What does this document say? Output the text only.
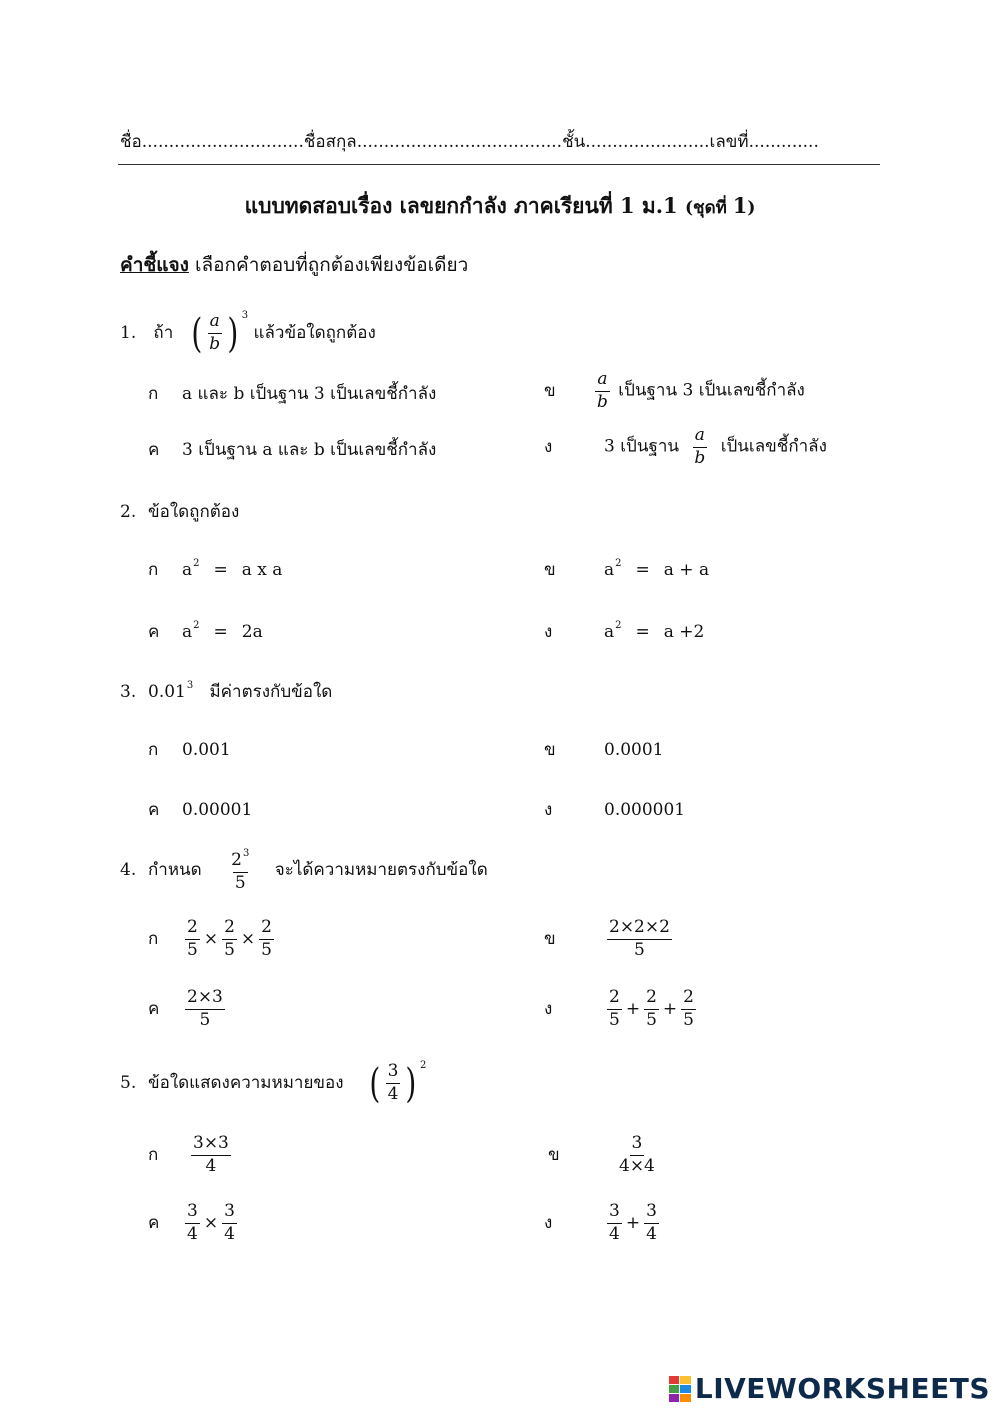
ชื่อ..............................ชื่อสกุล......................................ชั้น.......................เลขที่.............
แบบทดสอบเรื่อง เลขยกกำลัง ภาคเรียนที่ 1 ม.1 (ชุดที่ 1)
คำชี้แจง เลือกคำตอบที่ถูกต้องเพียงข้อเดียว
1. ถ้า ( $\frac{a}{b}$ ) $^3$ แล้วข้อใดถูกต้อง
ก a และ b เป็นฐาน 3 เป็นเลขชี้กำลัง	ข $\frac{a}{b}$ เป็นฐาน 3 เป็นเลขชี้กำลัง
ค 3 เป็นฐาน a และ b เป็นเลขชี้กำลัง	ง	3 เป็นฐาน $\frac{a}{b}$ เป็นเลขชี้กำลัง
2. ข้อใดถูกต้อง
ก $a^2 = a$ x a	ข	$a^2 = a + a$
ค $a^2 = 2a$	ง	$a^2 = a +2$
3. 0.01$^3$ มีค่าตรงกับข้อใด
ก 0.001	ข	0.0001
ค 0.00001	ง	0.000001
4. กำหนด $\frac{2^3}{5}$ จะได้ความหมายตรงกับข้อใด
ก $\frac{2}{5} \times \frac{2}{5} \times \frac{2}{5}$	ข	$\frac{2\times 2\times 2}{5}$
ค $\frac{2\times 3}{5}$	ง	$\frac{2}{5} + \frac{2}{5} + \frac{2}{5}$
5. ข้อใดแสดงความหมายของ ( $\frac{3}{4}$ ) $^2$
ก $\frac{3\times 3}{4}$	ข	$\frac{3}{4\times 4}$
ค $\frac{3}{4} \times \frac{3}{4}$	ง	$\frac{3}{4} + \frac{3}{4}$
LIVEWORKSHEETS
